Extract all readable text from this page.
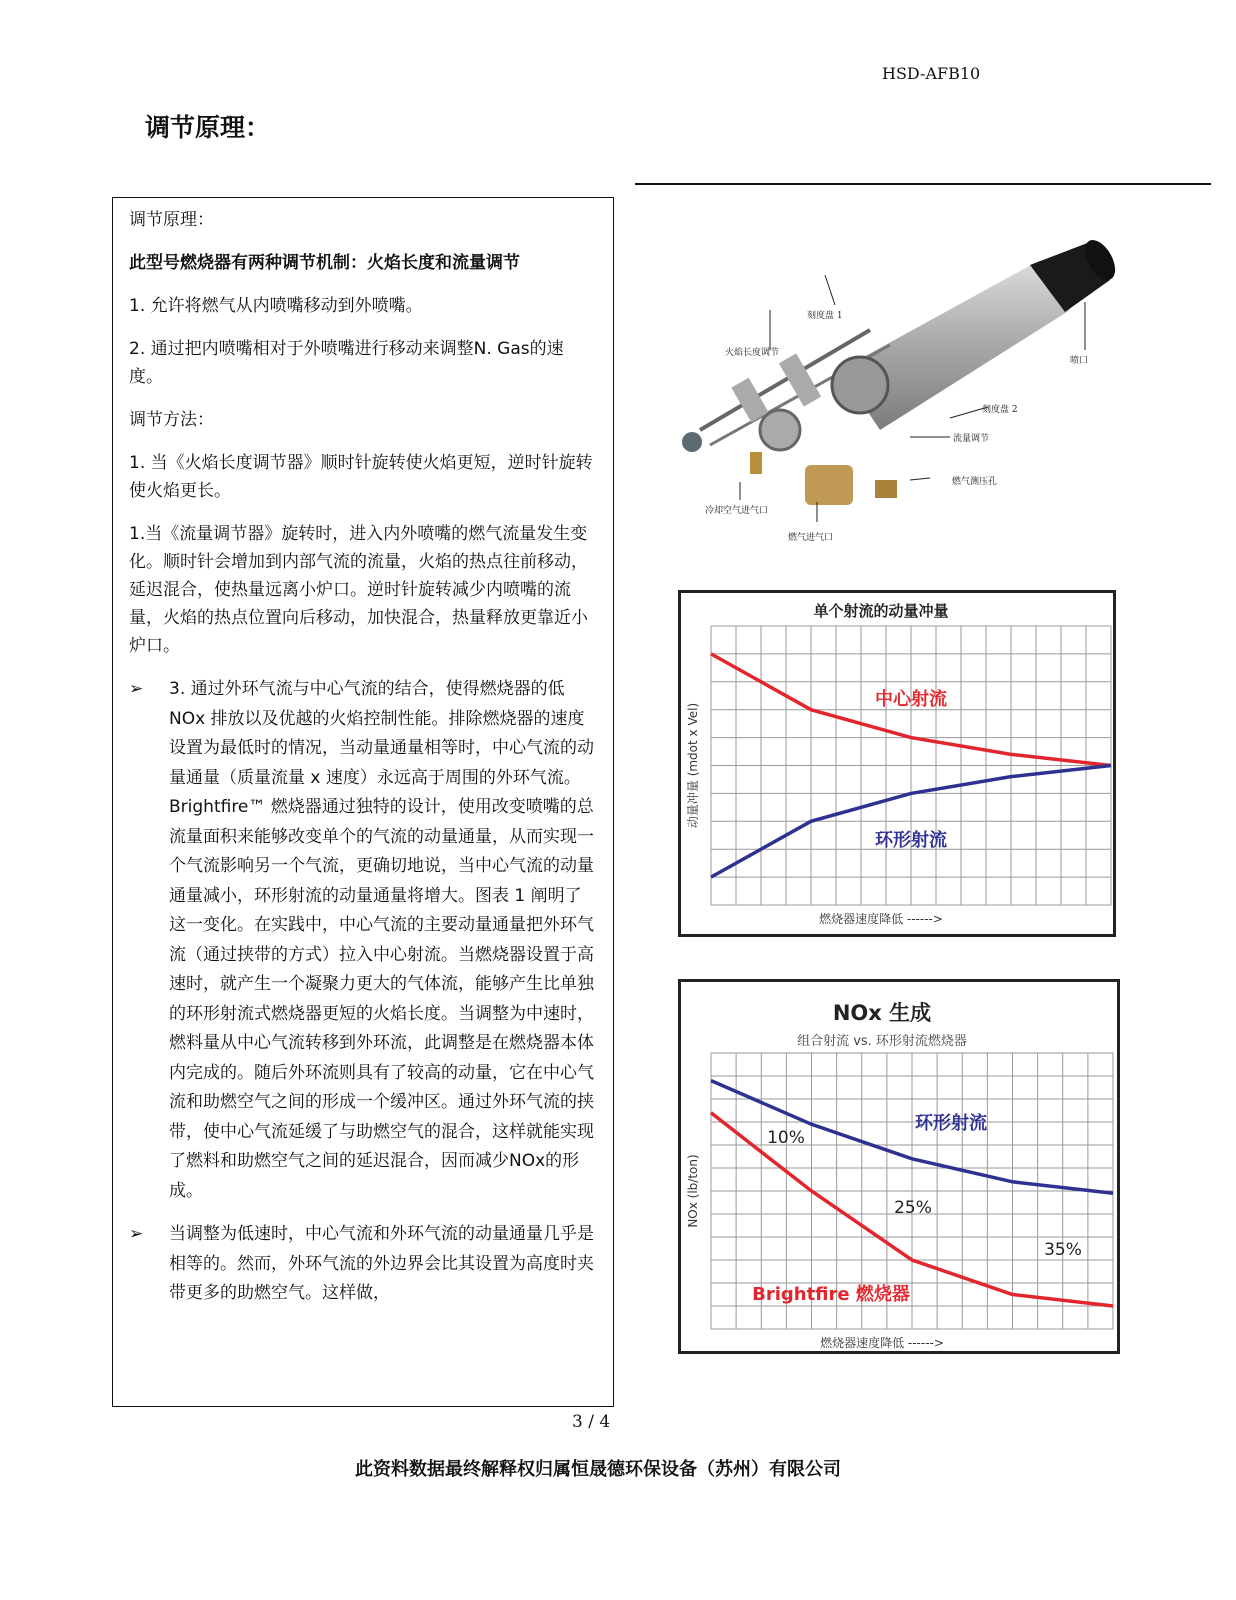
HSD-AFB10
调节原理：

调节原理：

此型号燃烧器有两种调节机制：火焰长度和流量调节

1. 允许将燃气从内喷嘴移动到外喷嘴。

2. 通过把内喷嘴相对于外喷嘴进行移动来调整N. Gas的速度。

调节方法：

1. 当《火焰长度调节器》顺时针旋转使火焰更短，逆时针旋转使火焰更长。

1.当《流量调节器》旋转时，进入内外喷嘴的燃气流量发生变化。顺时针会增加到内部气流的流量，火焰的热点往前移动，延迟混合，使热量远离小炉口。逆时针旋转减少内喷嘴的流量，火焰的热点位置向后移动，加快混合，热量释放更靠近小炉口。

➢	3. 通过外环气流与中心气流的结合，使得燃烧器的低 NOx 排放以及优越的火焰控制性能。排除燃烧器的速度设置为最低时的情况，当动量通量相等时，中心气流的动量通量（质量流量 x 速度）永远高于周围的外环气流。 Brightfire™ 燃烧器通过独特的设计，使用改变喷嘴的总流量面积来能够改变单个的气流的动量通量，从而实现一个气流影响另一个气流，更确切地说，当中心气流的动量通量减小，环形射流的动量通量将增大。图表 1 阐明了这一变化。在实践中，中心气流的主要动量通量把外环气流（通过挟带的方式）拉入中心射流。当燃烧器设置于高速时，就产生一个凝聚力更大的气体流，能够产生比单独的环形射流式燃烧器更短的火焰长度。当调整为中速时，燃料量从中心气流转移到外环流，此调整是在燃烧器本体内完成的。随后外环流则具有了较高的动量，它在中心气流和助燃空气之间的形成一个缓冲区。通过外环气流的挟带，使中心气流延缓了与助燃空气的混合，这样就能实现了燃料和助燃空气之间的延迟混合，因而减少NOx的形成。
➢	当调整为低速时，中心气流和外环气流的动量通量几乎是相等的。然而，外环气流的外边界会比其设置为高度时夹带更多的助燃空气。这样做，
刻度盘 1
火焰长度调节
喷口
刻度盘 2
流量调节
燃气测压孔
冷却空气进气口
燃气进气口
单个射流的动量冲量
燃烧器速度降低 ------>
动量冲量 (mdot x Vel)
中心射流
环形射流
NOx 生成
组合射流 vs. 环形射流燃烧器
燃烧器速度降低 ------>
NOx (lb/ton)
环形射流
Brightfire 燃烧器
10%
25%
35%
3 / 4
此资料数据最终解释权归属恒晟德环保设备（苏州）有限公司
